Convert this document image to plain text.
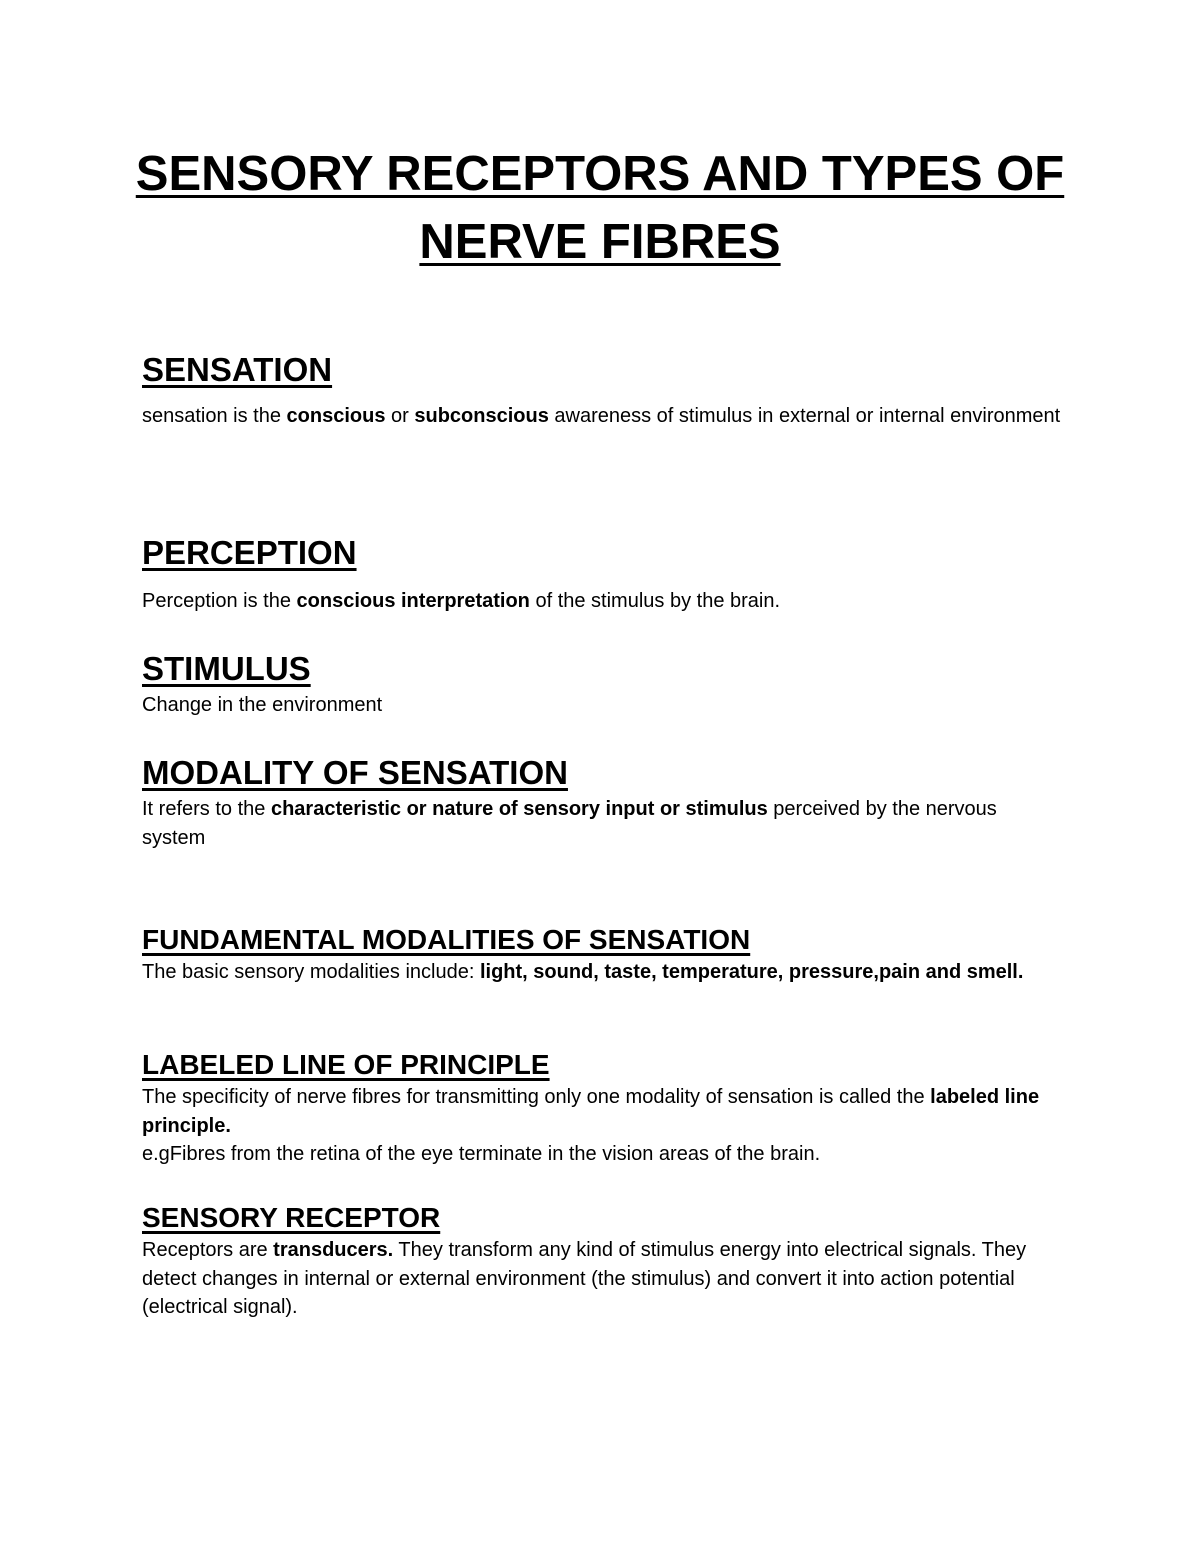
SENSORY RECEPTORS AND TYPES OF NERVE FIBRES
SENSATION

sensation is the conscious or subconscious awareness of stimulus in external or internal environment

PERCEPTION

Perception is the conscious interpretation of the stimulus by the brain.

STIMULUS

Change in the environment

MODALITY OF SENSATION

It refers to the characteristic or nature of sensory input or stimulus perceived by the nervous system

FUNDAMENTAL MODALITIES OF SENSATION

The basic sensory modalities include: light, sound, taste, temperature, pressure,pain and smell.

LABELED LINE OF PRINCIPLE

The specificity of nerve fibres for transmitting only one modality of sensation is called the labeled line principle.

e.gFibres from the retina of the eye terminate in the vision areas of the brain.

SENSORY RECEPTOR

Receptors are transducers. They transform any kind of stimulus energy into electrical signals. They detect changes in internal or external environment (the stimulus) and convert it into action potential (electrical signal).
